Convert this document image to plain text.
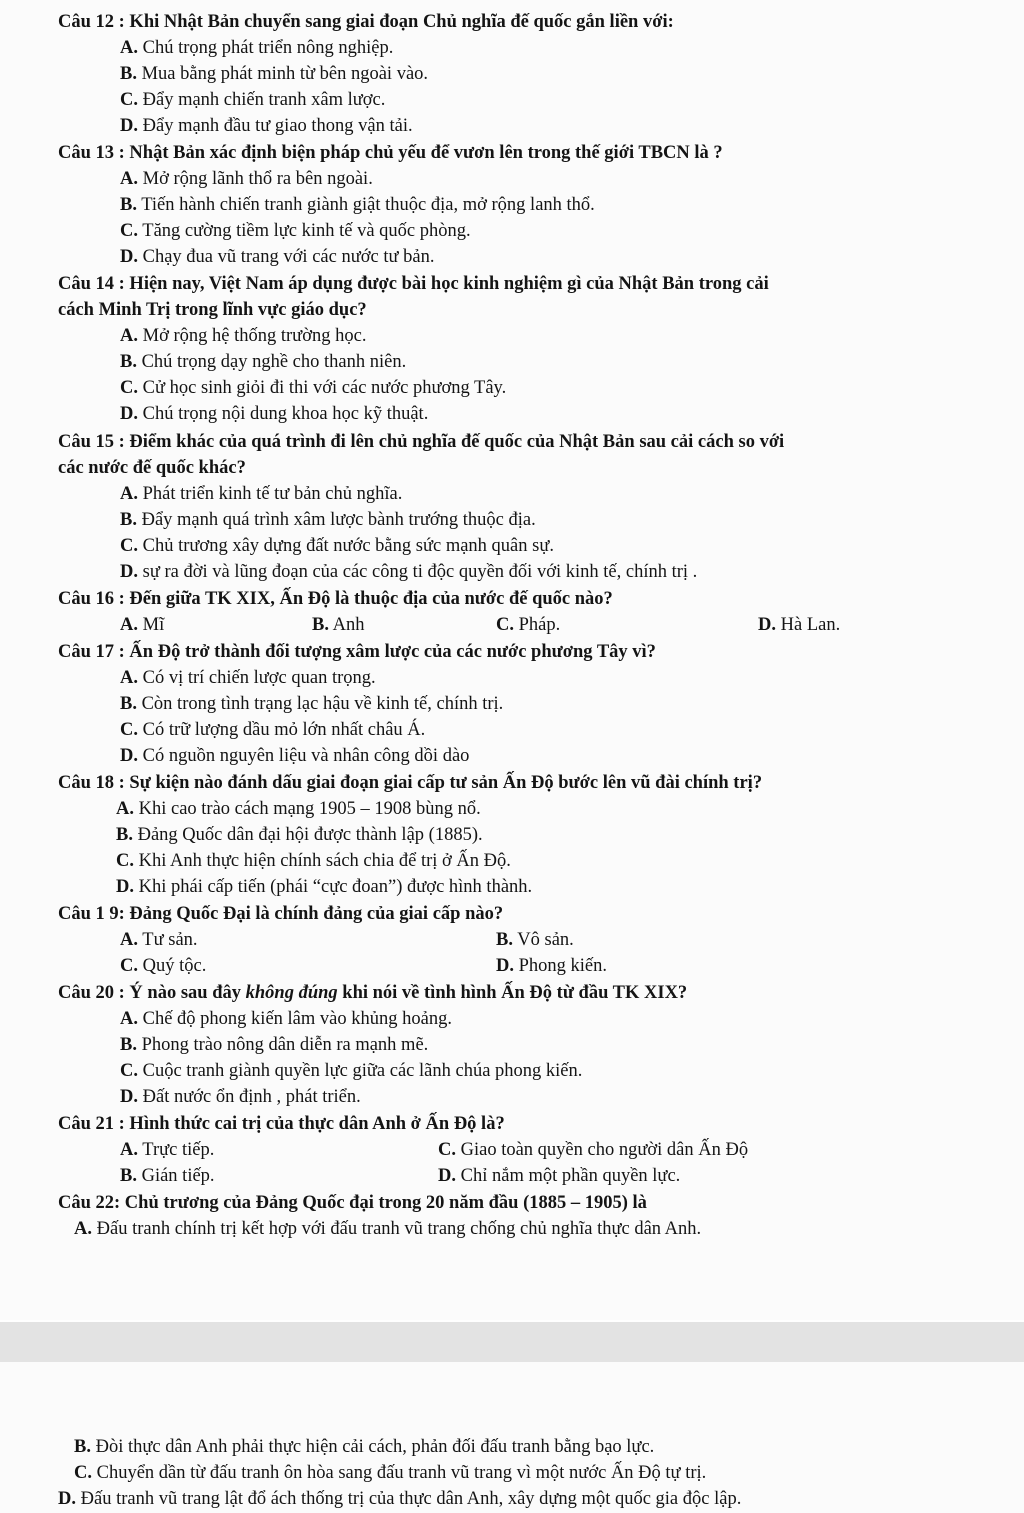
Câu 12 : Khi Nhật Bản chuyển sang giai đoạn Chủ nghĩa đế quốc gắn liền với:
A. Chú trọng phát triển nông nghiệp.
B. Mua bằng phát minh từ bên ngoài vào.
C. Đẩy mạnh chiến tranh xâm lược.
D. Đẩy mạnh đầu tư giao thong vận tải.
Câu 13 : Nhật Bản xác định biện pháp chủ yếu để vươn lên trong thế giới TBCN là ?
A. Mở rộng lãnh thổ ra bên ngoài.
B. Tiến hành chiến tranh giành giật thuộc địa, mở rộng lanh thổ.
C. Tăng cường tiềm lực kinh tế và quốc phòng.
D. Chạy đua vũ trang với các nước tư bản.
Câu 14 : Hiện nay, Việt Nam áp dụng được bài học kinh nghiệm gì của Nhật Bản trong cải
cách Minh Trị trong lĩnh vực giáo dục?
A. Mở rộng hệ thống trường học.
B. Chú trọng dạy nghề cho thanh niên.
C. Cử học sinh giỏi đi thi với các nước phương Tây.
D. Chú trọng nội dung khoa học kỹ thuật.
Câu 15 : Điểm khác của quá trình đi lên chủ nghĩa đế quốc của Nhật Bản sau cải cách so với
các nước đế quốc khác?
A. Phát triển kinh tế tư bản chủ nghĩa.
B. Đẩy mạnh quá trình xâm lược bành trướng thuộc địa.
C. Chủ trương xây dựng đất nước bằng sức mạnh quân sự.
D. sự ra đời và lũng đoạn của các công ti độc quyền đối với kinh tế, chính trị .
Câu 16 : Đến giữa TK XIX, Ấn Độ là thuộc địa của nước đế quốc nào?
A. Mĩ	B. Anh	C. Pháp.	D. Hà Lan.
Câu 17 : Ấn Độ trở thành đối tượng xâm lược của các nước phương Tây vì?
A. Có vị trí chiến lược quan trọng.
B. Còn trong tình trạng lạc hậu về kinh tế, chính trị.
C. Có trữ lượng dầu mỏ lớn nhất châu Á.
D. Có nguồn nguyên liệu và nhân công dồi dào
Câu 18 : Sự kiện nào đánh dấu giai đoạn giai cấp tư sản Ấn Độ bước lên vũ đài chính trị?
A. Khi cao trào cách mạng 1905 – 1908 bùng nổ.
B. Đảng Quốc dân đại hội được thành lập (1885).
C. Khi Anh thực hiện chính sách chia để trị ở Ấn Độ.
D. Khi phái cấp tiến (phái “cực đoan”) được hình thành.
Câu 1 9: Đảng Quốc Đại là chính đảng của giai cấp nào?
A. Tư sản.	B. Vô sản.
C. Quý tộc.	D. Phong kiến.
Câu 20 : Ý nào sau đây không đúng khi nói về tình hình Ấn Độ từ đầu TK XIX?
A. Chế độ phong kiến lâm vào khủng hoảng.
B. Phong trào nông dân diễn ra mạnh mẽ.
C. Cuộc tranh giành quyền lực giữa các lãnh chúa phong kiến.
D. Đất nước ổn định , phát triển.
Câu 21 : Hình thức cai trị của thực dân Anh ở Ấn Độ là?
A. Trực tiếp.	C. Giao toàn quyền cho người dân Ấn Độ
B. Gián tiếp.	D. Chỉ nắm một phần quyền lực.
Câu 22: Chủ trương của Đảng Quốc đại trong 20 năm đầu (1885 – 1905) là
A. Đấu tranh chính trị kết hợp với đấu tranh vũ trang chống chủ nghĩa thực dân Anh.
B. Đòi thực dân Anh phải thực hiện cải cách, phản đối đấu tranh bằng bạo lực.
C. Chuyển dần từ đấu tranh ôn hòa sang đấu tranh vũ trang vì một nước Ấn Độ tự trị.
D. Đấu tranh vũ trang lật đổ ách thống trị của thực dân Anh, xây dựng một quốc gia độc lập.
